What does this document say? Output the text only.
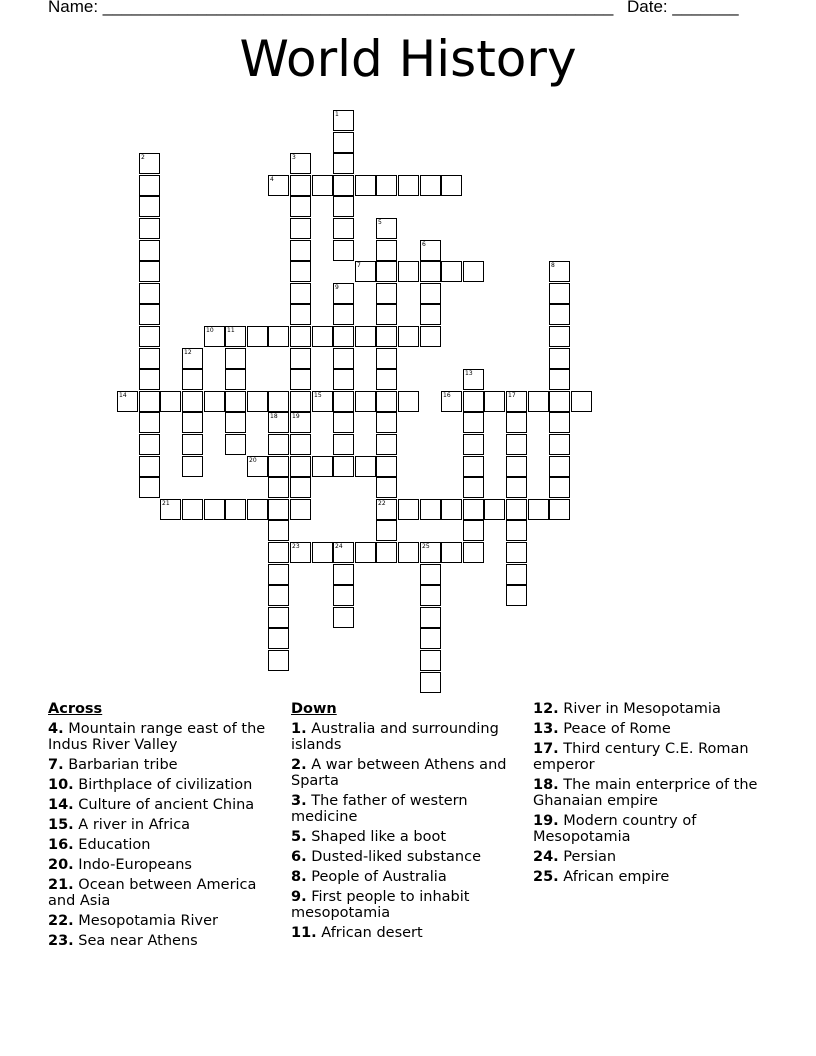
Name: ______________________________________________________ Date: _______
World History
1
2	3
19
4
5
22
6
7	8
9
10 11
12
13
14	15	16	17
18
20
21
23	24	25
Across
4. Mountain range east of the Indus River Valley
7. Barbarian tribe
10. Birthplace of civilization
14. Culture of ancient China
15. A river in Africa
16. Education
20. Indo-Europeans
21. Ocean between America and Asia
22. Mesopotamia River
23. Sea near Athens
Down
1. Australia and surrounding islands
2. A war between Athens and Sparta
3. The father of western medicine
5. Shaped like a boot
6. Dusted-liked substance
8. People of Australia
9. First people to inhabit mesopotamia
11. African desert
12. River in Mesopotamia
13. Peace of Rome
17. Third century C.E. Roman emperor
18. The main enterprice of the Ghanaian empire
19. Modern country of Mesopotamia
24. Persian
25. African empire
